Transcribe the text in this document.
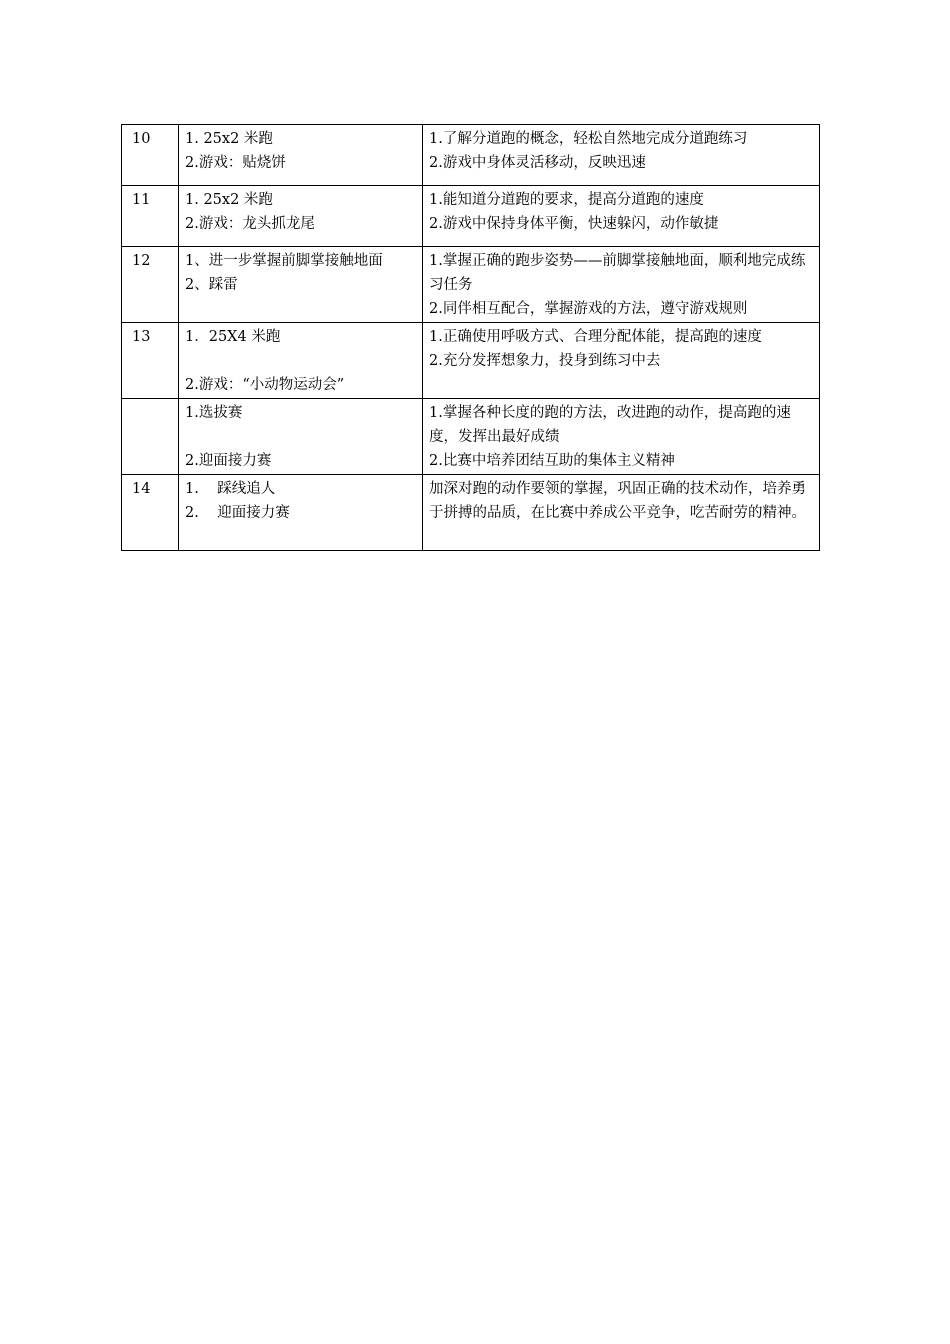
10	1. 25x2 米跑
2.游戏：贴烧饼	1.了解分道跑的概念，轻松自然地完成分道跑练习
2.游戏中身体灵活移动，反映迅速

11	1. 25x2 米跑
2.游戏：龙头抓龙尾	1.能知道分道跑的要求，提高分道跑的速度
2.游戏中保持身体平衡，快速躲闪，动作敏捷

12	1、进一步掌握前脚掌接触地面
2、踩雷	1.掌握正确的跑步姿势——前脚掌接触地面，顺利地完成练习任务
2.同伴相互配合，掌握游戏的方法，遵守游戏规则

13	1．25X4 米跑
2.游戏：“小动物运动会”	1.正确使用呼吸方式、合理分配体能，提高跑的速度
2.充分发挥想象力，投身到练习中去

	1.选拔赛
2.迎面接力赛	1.掌握各种长度的跑的方法，改进跑的动作，提高跑的速度，发挥出最好成绩
2.比赛中培养团结互助的集体主义精神

14	1.    踩线追人
2.    迎面接力赛	加深对跑的动作要领的掌握，巩固正确的技术动作，培养勇于拼搏的品质，在比赛中养成公平竞争，吃苦耐劳的精神。
